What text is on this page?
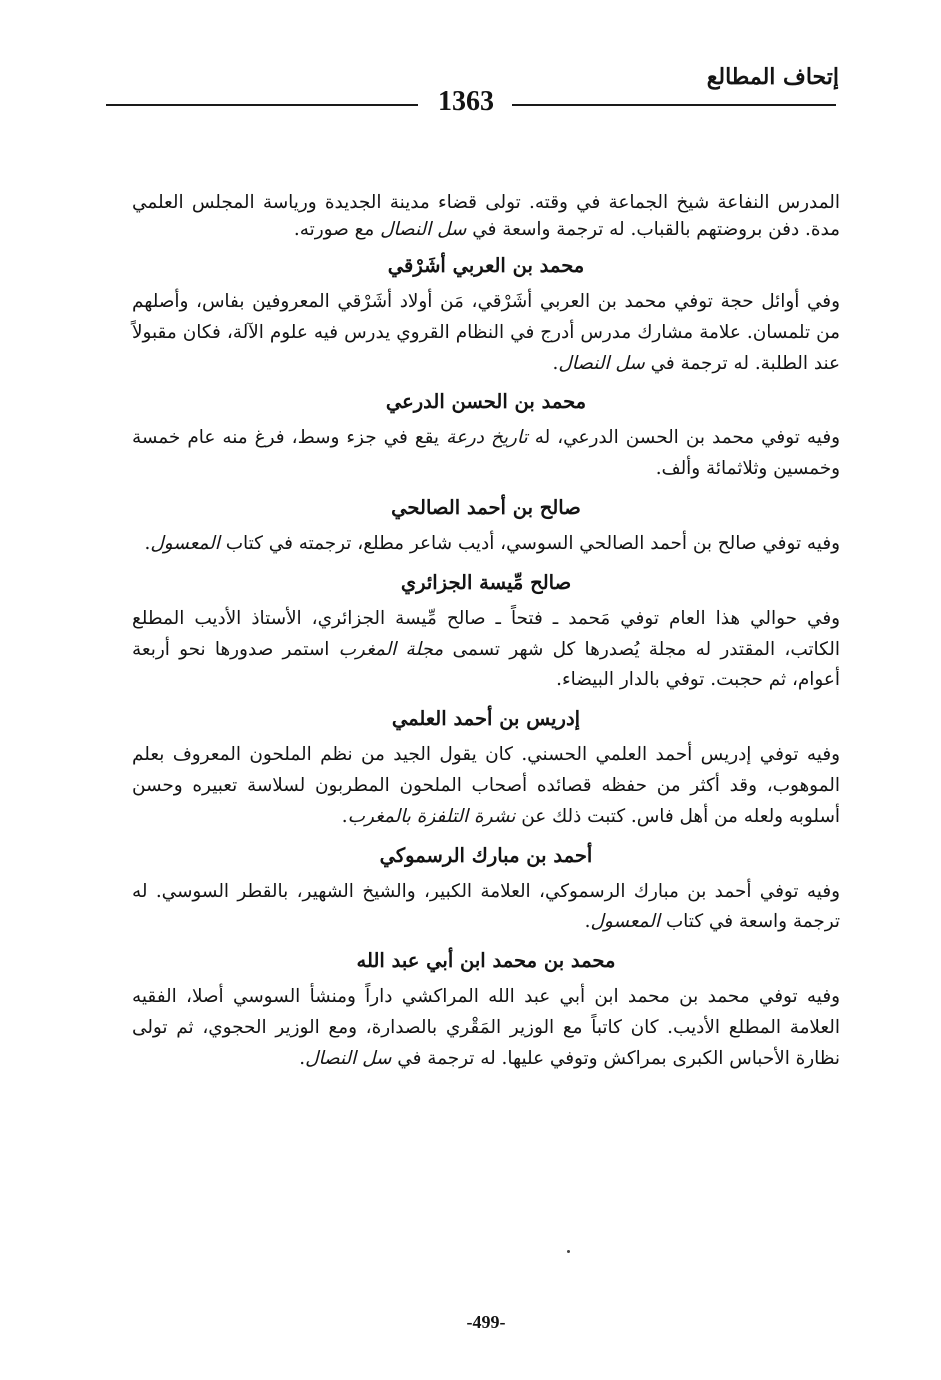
إتحاف المطالع
1363

المدرس النفاعة شيخ الجماعة في وقته. تولى قضاء مدينة الجديدة ورياسة المجلس العلمي مدة. دفن بروضتهم بالقباب. له ترجمة واسعة في سل النصال مع صورته.

محمد بن العربي أشَرْقي

وفي أوائل حجة توفي محمد بن العربي أشَرْقي، مَن أولاد أشَرْقي المعروفين بفاس، وأصلهم من تلمسان. علامة مشارك مدرس أدرج في النظام القروي يدرس فيه علوم الآلة، فكان مقبولاً عند الطلبة. له ترجمة في سل النصال.

محمد بن الحسن الدرعي

وفيه توفي محمد بن الحسن الدرعي، له تاريخ درعة يقع في جزء وسط، فرغ منه عام خمسة وخمسين وثلاثمائة وألف.

صالح بن أحمد الصالحي

وفيه توفي صالح بن أحمد الصالحي السوسي، أديب شاعر مطلع، ترجمته في كتاب المعسول.

صالح مِّيسة الجزائري

وفي حوالي هذا العام توفي مَحمد ـ فتحاً ـ صالح مِّيسة الجزائري، الأستاذ الأديب المطلع الكاتب، المقتدر له مجلة يُصدرها كل شهر تسمى مجلة المغرب استمر صدورها نحو أربعة أعوام، ثم حجبت. توفي بالدار البيضاء.

إدريس بن أحمد العلمي

وفيه توفي إدريس أحمد العلمي الحسني. كان يقول الجيد من نظم الملحون المعروف بعلم الموهوب، وقد أكثر من حفظه قصائده أصحاب الملحون المطربون لسلاسة تعبيره وحسن أسلوبه ولعله من أهل فاس. كتبت ذلك عن نشرة التلفزة بالمغرب.

أحمد بن مبارك الرسموكي

وفيه توفي أحمد بن مبارك الرسموكي، العلامة الكبير، والشيخ الشهير، بالقطر السوسي. له ترجمة واسعة في كتاب المعسول.

محمد بن محمد ابن أبي عبد الله

وفيه توفي محمد بن محمد ابن أبي عبد الله المراكشي داراً ومنشأ السوسي أصلا، الفقيه العلامة المطلع الأديب. كان كاتباً مع الوزير المَقْري بالصدارة، ومع الوزير الحجوي، ثم تولى نظارة الأحباس الكبرى بمراكش وتوفي عليها. له ترجمة في سل النصال.

-499-
